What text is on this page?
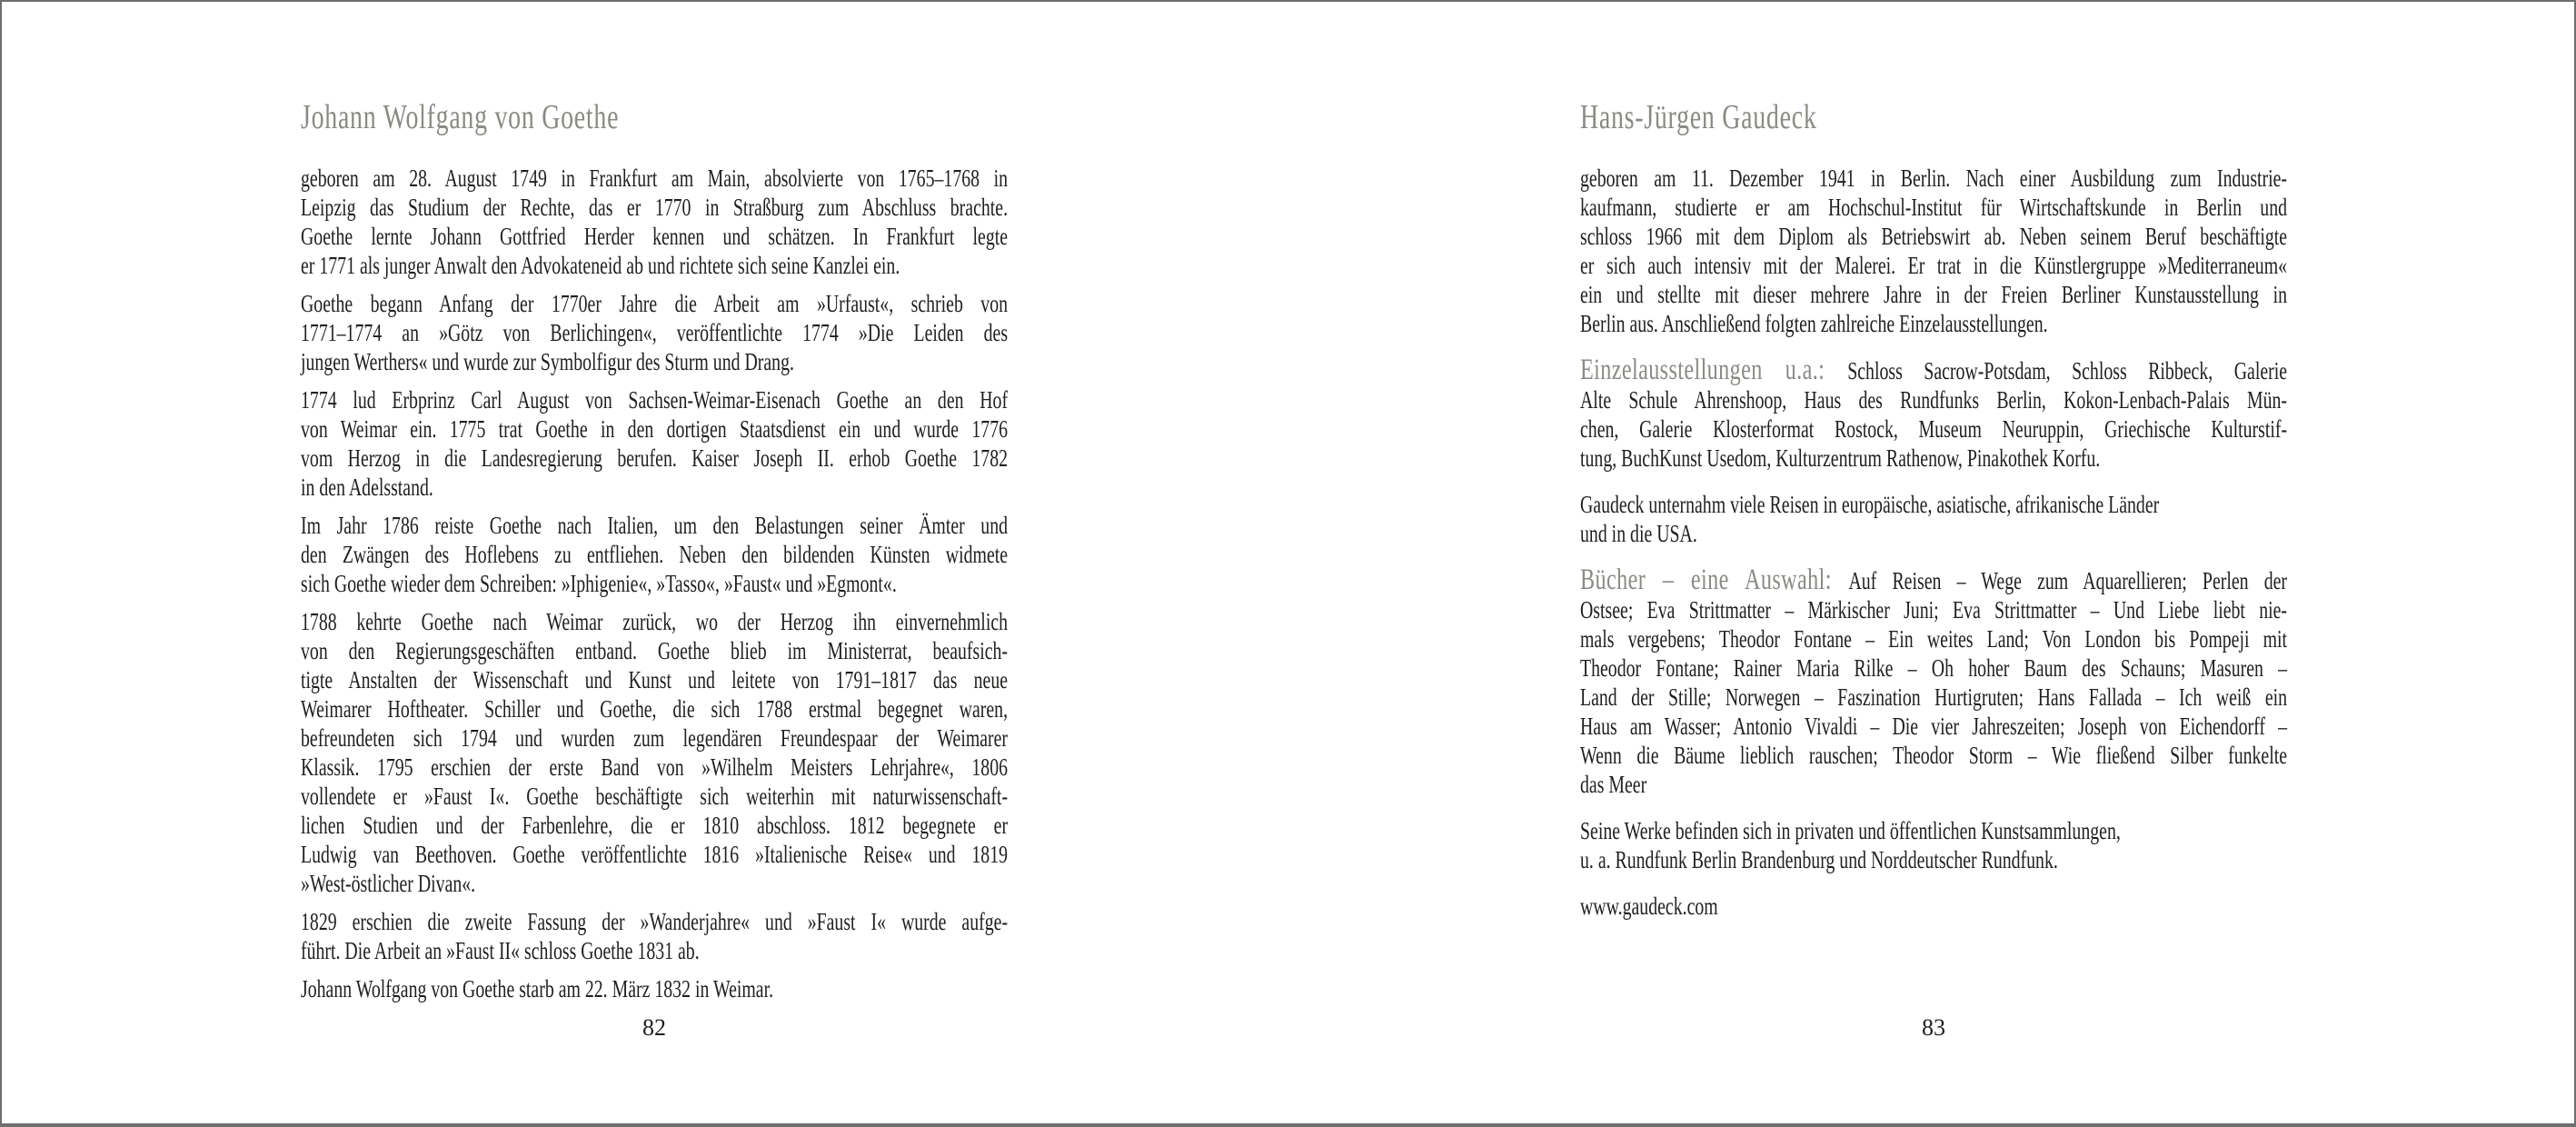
Johann Wolfgang von Goethe
geboren am 28. August 1749 in Frankfurt am Main, absolvierte von 1765–1768 in
Leipzig das Studium der Rechte, das er 1770 in Straßburg zum Abschluss brachte.
Goethe lernte Johann Gottfried Herder kennen und schätzen. In Frankfurt legte
er 1771 als junger Anwalt den Advokateneid ab und richtete sich seine Kanzlei ein.
Goethe begann Anfang der 1770er Jahre die Arbeit am »Urfaust«, schrieb von
1771–1774 an »Götz von Berlichingen«, veröffentlichte 1774 »Die Leiden des
jungen Werthers« und wurde zur Symbolfigur des Sturm und Drang.
1774 lud Erbprinz Carl August von Sachsen-Weimar-Eisenach Goethe an den Hof
von Weimar ein. 1775 trat Goethe in den dortigen Staatsdienst ein und wurde 1776
vom Herzog in die Landesregierung berufen. Kaiser Joseph II. erhob Goethe 1782
in den Adelsstand.
Im Jahr 1786 reiste Goethe nach Italien, um den Belastungen seiner Ämter und
den Zwängen des Hoflebens zu entfliehen. Neben den bildenden Künsten widmete
sich Goethe wieder dem Schreiben: »Iphigenie«, »Tasso«, »Faust« und »Egmont«.
1788 kehrte Goethe nach Weimar zurück, wo der Herzog ihn einvernehmlich
von den Regierungsgeschäften entband. Goethe blieb im Ministerrat, beaufsich-
tigte Anstalten der Wissenschaft und Kunst und leitete von 1791–1817 das neue
Weimarer Hoftheater. Schiller und Goethe, die sich 1788 erstmal begegnet waren,
befreundeten sich 1794 und wurden zum legendären Freundespaar der Weimarer
Klassik. 1795 erschien der erste Band von »Wilhelm Meisters Lehrjahre«, 1806
vollendete er »Faust I«. Goethe beschäftigte sich weiterhin mit naturwissenschaft-
lichen Studien und der Farbenlehre, die er 1810 abschloss. 1812 begegnete er
Ludwig van Beethoven. Goethe veröffentlichte 1816 »Italienische Reise« und 1819
»West-östlicher Divan«.
1829 erschien die zweite Fassung der »Wanderjahre« und »Faust I« wurde aufge-
führt. Die Arbeit an »Faust II« schloss Goethe 1831 ab.
Johann Wolfgang von Goethe starb am 22. März 1832 in Weimar.
82
Hans-Jürgen Gaudeck
geboren am 11. Dezember 1941 in Berlin. Nach einer Ausbildung zum Industrie-
kaufmann, studierte er am Hochschul-Institut für Wirtschaftskunde in Berlin und
schloss 1966 mit dem Diplom als Betriebswirt ab. Neben seinem Beruf beschäftigte
er sich auch intensiv mit der Malerei. Er trat in die Künstlergruppe »Mediterraneum«
ein und stellte mit dieser mehrere Jahre in der Freien Berliner Kunstausstellung in
Berlin aus. Anschließend folgten zahlreiche Einzelausstellungen.
Einzelausstellungen u.a.: Schloss Sacrow-Potsdam, Schloss Ribbeck, Galerie
Alte Schule Ahrenshoop, Haus des Rundfunks Berlin, Kokon-Lenbach-Palais Mün-
chen, Galerie Klosterformat Rostock, Museum Neuruppin, Griechische Kulturstif-
tung, BuchKunst Usedom, Kulturzentrum Rathenow, Pinakothek Korfu.
Gaudeck unternahm viele Reisen in europäische, asiatische, afrikanische Länder
und in die USA.
Bücher – eine Auswahl: Auf Reisen – Wege zum Aquarellieren; Perlen der
Ostsee; Eva Strittmatter – Märkischer Juni; Eva Strittmatter – Und Liebe liebt nie-
mals vergebens; Theodor Fontane – Ein weites Land; Von London bis Pompeji mit
Theodor Fontane; Rainer Maria Rilke – Oh hoher Baum des Schauns; Masuren –
Land der Stille; Norwegen – Faszination Hurtigruten; Hans Fallada – Ich weiß ein
Haus am Wasser; Antonio Vivaldi – Die vier Jahreszeiten; Joseph von Eichendorff –
Wenn die Bäume lieblich rauschen; Theodor Storm – Wie fließend Silber funkelte
das Meer
Seine Werke befinden sich in privaten und öffentlichen Kunstsammlungen,
u. a. Rundfunk Berlin Brandenburg und Norddeutscher Rundfunk.
www.gaudeck.com
83
